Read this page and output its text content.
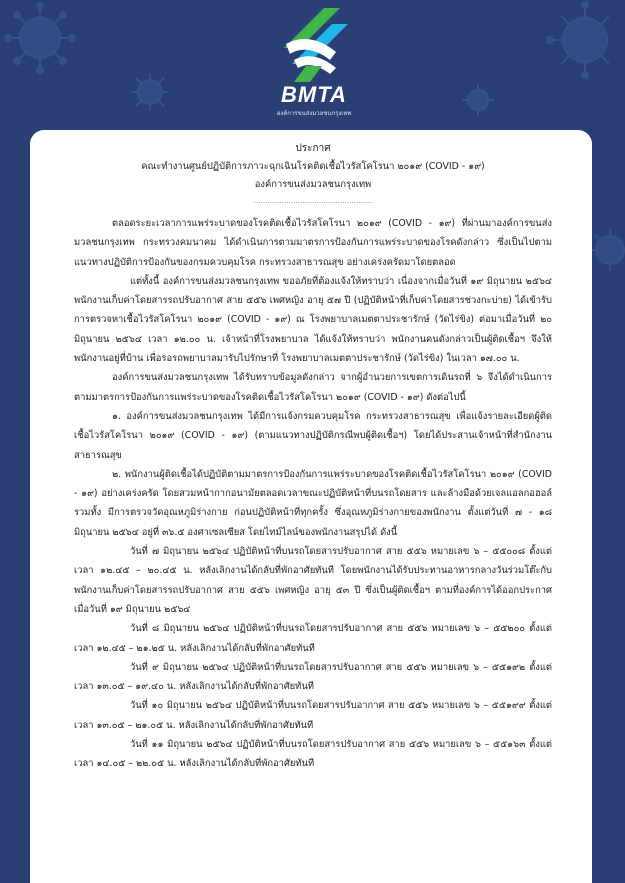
BMTA
องค์การขนส่งมวลชนกรุงเทพ
ประกาศ
คณะทำงานศูนย์ปฏิบัติการภาวะฉุกเฉินโรคติดเชื้อไวรัสโคโรนา ๒๐๑๙ (COVID - ๑๙)
องค์การขนส่งมวลชนกรุงเทพ
……………………………………………

ตลอดระยะเวลาการแพร่ระบาดของโรคติดเชื้อไวรัสโคโรนา ๒๐๑๙ (COVID - ๑๙) ที่ผ่านมาองค์การขนส่งมวลชนกรุงเทพ กระทรวงคมนาคม ได้ดำเนินการตามมาตรการป้องกันการแพร่ระบาดของโรคดังกล่าว ซึ่งเป็นไปตามแนวทางปฏิบัติการป้องกันของกรมควบคุมโรค กระทรวงสาธารณสุข อย่างเคร่งครัดมาโดยตลอด

แต่ทั้งนี้ องค์การขนส่งมวลชนกรุงเทพ ขออภัยที่ต้องแจ้งให้ทราบว่า เนื่องจากเมื่อวันที่ ๑๙ มิถุนายน ๒๕๖๔ พนักงานเก็บค่าโดยสารรถปรับอากาศ สาย ๕๕๖ เพศหญิง อายุ ๕๗ ปี (ปฏิบัติหน้าที่เก็บค่าโดยสารช่วงกะบ่าย) ได้เข้ารับการตรวจหาเชื้อไวรัสโคโรนา ๒๐๑๙ (COVID - ๑๙) ณ โรงพยาบาลเมตตาประชารักษ์ (วัดไร่ขิง) ต่อมาเมื่อวันที่ ๒๐ มิถุนายน ๒๕๖๔ เวลา ๑๒.๐๐ น. เจ้าหน้าที่โรงพยาบาล ได้แจ้งให้ทราบว่า พนักงานคนดังกล่าวเป็นผู้ติดเชื้อฯ จึงให้พนักงานอยู่ที่บ้าน เพื่อรอรถพยาบาลมารับไปรักษาที่ โรงพยาบาลเมตตาประชารักษ์ (วัดไร่ขิง) ในเวลา ๑๗.๐๐ น.

องค์การขนส่งมวลชนกรุงเทพ ได้รับทราบข้อมูลดังกล่าว จากผู้อำนวยการเขตการเดินรถที่ ๖ จึงได้ดำเนินการตามมาตรการป้องกันการแพร่ระบาดของโรคติดเชื้อไวรัสโคโรนา ๒๐๑๙ (COVID - ๑๙) ดังต่อไปนี้

๑. องค์การขนส่งมวลชนกรุงเทพ ได้มีการแจ้งกรมควบคุมโรค กระทรวงสาธารณสุข เพื่อแจ้งรายละเอียดผู้ติดเชื้อไวรัสโคโรนา ๒๐๑๙ (COVID - ๑๙) (ตามแนวทางปฏิบัติกรณีพบผู้ติดเชื้อฯ) โดยได้ประสานเจ้าหน้าที่สำนักงานสาธารณสุข

๒. พนักงานผู้ติดเชื้อได้ปฏิบัติตามมาตรการป้องกันการแพร่ระบาดของโรคติดเชื้อไวรัสโคโรนา ๒๐๑๙ (COVID - ๑๙) อย่างเคร่งครัด โดยสวมหน้ากากอนามัยตลอดเวลาขณะปฏิบัติหน้าที่บนรถโดยสาร และล้างมือด้วยเจลแอลกอฮอล์ รวมทั้ง มีการตรวจวัดอุณหภูมิร่างกาย ก่อนปฏิบัติหน้าที่ทุกครั้ง ซึ่งอุณหภูมิร่างกายของพนักงาน ตั้งแต่วันที่ ๗ - ๑๘ มิถุนายน ๒๕๖๔ อยู่ที่ ๓๖.๕ องศาเซลเซียส โดยไทม์ไลน์ของพนักงานสรุปได้ ดังนี้

วันที่ ๗ มิถุนายน ๒๕๖๔ ปฏิบัติหน้าที่บนรถโดยสารปรับอากาศ สาย ๕๕๖ หมายเลข ๖ – ๕๕๐๐๘ ตั้งแต่เวลา ๑๒.๔๕ – ๒๐.๔๕ น. หลังเลิกงานได้กลับที่พักอาศัยทันที โดยพนักงานได้รับประทานอาหารกลางวันร่วมโต๊ะกับ พนักงานเก็บค่าโดยสารรถปรับอากาศ สาย ๕๕๖ เพศหญิง อายุ ๕๓ ปี ซึ่งเป็นผู้ติดเชื้อฯ ตามที่องค์การได้ออกประกาศ เมื่อวันที่ ๑๙ มิถุนายน ๒๕๖๔

วันที่ ๘ มิถุนายน ๒๕๖๔ ปฏิบัติหน้าที่บนรถโดยสารปรับอากาศ สาย ๕๕๖ หมายเลข ๖ – ๕๕๒๐๐ ตั้งแต่เวลา ๑๒.๔๕ – ๒๑.๒๕ น. หลังเลิกงานได้กลับที่พักอาศัยทันที

วันที่ ๙ มิถุนายน ๒๕๖๔ ปฏิบัติหน้าที่บนรถโดยสารปรับอากาศ สาย ๕๕๖ หมายเลข ๖ – ๕๕๑๙๒ ตั้งแต่เวลา ๑๓.๐๕ – ๑๙.๔๐ น. หลังเลิกงานได้กลับที่พักอาศัยทันที

วันที่ ๑๐ มิถุนายน ๒๕๖๔ ปฏิบัติหน้าที่บนรถโดยสารปรับอากาศ สาย ๕๕๖ หมายเลข ๖ – ๕๕๑๙๙ ตั้งแต่เวลา ๑๓.๐๕ – ๒๑.๐๕ น. หลังเลิกงานได้กลับที่พักอาศัยทันที

วันที่ ๑๑ มิถุนายน ๒๕๖๔ ปฏิบัติหน้าที่บนรถโดยสารปรับอากาศ สาย ๕๕๖ หมายเลข ๖ – ๕๕๑๖๓ ตั้งแต่เวลา ๑๔.๐๕ – ๒๒.๐๕ น. หลังเลิกงานได้กลับที่พักอาศัยทันที
